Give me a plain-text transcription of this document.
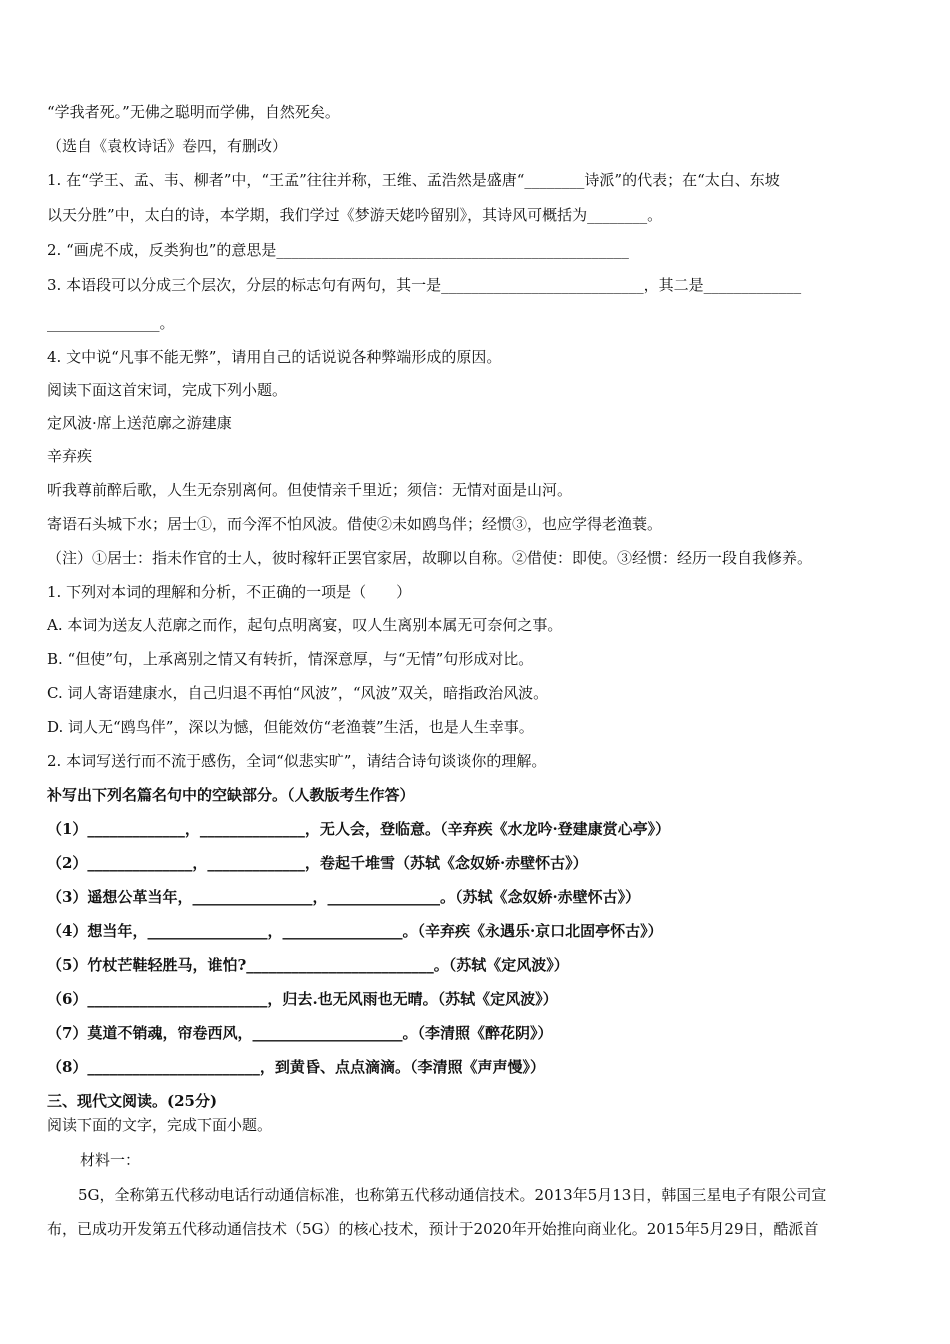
“学我者死。”无佛之聪明而学佛，自然死矣。
（选自《袁枚诗话》卷四，有删改）
1. 在“学王、孟、韦、柳者”中，“王孟”往往并称，王维、孟浩然是盛唐“________诗派”的代表；在“太白、东坡
以天分胜”中，太白的诗，本学期，我们学过《梦游天姥吟留别》，其诗风可概括为________。
2. “画虎不成，反类狗也”的意思是_______________________________________________
3. 本语段可以分成三个层次，分层的标志句有两句，其一是___________________________，其二是_____________
_______________。
4. 文中说“凡事不能无弊”，请用自己的话说说各种弊端形成的原因。
阅读下面这首宋词，完成下列小题。
定风波·席上送范廓之游建康
辛弃疾
听我尊前醉后歌，人生无奈别离何。但使情亲千里近；须信：无情对面是山河。
寄语石头城下水；居士①，而今浑不怕风波。借使②未如鸥鸟伴；经惯③，也应学得老渔蓑。
（注）①居士：指未作官的士人，彼时稼轩正罢官家居，故聊以自称。②借使：即使。③经惯：经历一段自我修养。
1. 下列对本词的理解和分析，不正确的一项是（　　）
A. 本词为送友人范廓之而作，起句点明离宴，叹人生离别本属无可奈何之事。
B. “但使”句，上承离别之情又有转折，情深意厚，与“无情”句形成对比。
C. 词人寄语建康水，自己归退不再怕“风波”，“风波”双关，暗指政治风波。
D. 词人无“鸥鸟伴”，深以为憾，但能效仿“老渔蓑”生活，也是人生幸事。
2. 本词写送行而不流于感伤，全词“似悲实旷”，请结合诗句谈谈你的理解。
补写出下列名篇名句中的空缺部分。（人教版考生作答）
（1）_____________，______________，无人会，登临意。（辛弃疾《水龙吟·登建康赏心亭》）
（2）______________，_____________，卷起千堆雪（苏轼《念奴娇·赤壁怀古》）
（3）遥想公革当年，________________，_______________。（苏轼《念奴娇·赤壁怀古》）
（4）想当年，________________，________________。（辛弃疾《永遇乐·京口北固亭怀古》）
（5）竹杖芒鞋轻胜马，谁怕?_________________________。（苏轼《定风波》）
（6）________________________，归去.也无风雨也无晴。（苏轼《定风波》）
（7）莫道不销魂，帘卷西风，____________________。（李清照《醉花阴》）
（8）_______________________，到黄昏、点点滴滴。（李清照《声声慢》）
三、现代文阅读。(25分)
阅读下面的文字，完成下面小题。
材料一：
5G，全称第五代移动电话行动通信标准，也称第五代移动通信技术。2013年5月13日，韩国三星电子有限公司宣
布，已成功开发第五代移动通信技术（5G）的核心技术，预计于2020年开始推向商业化。2015年5月29日，酷派首
